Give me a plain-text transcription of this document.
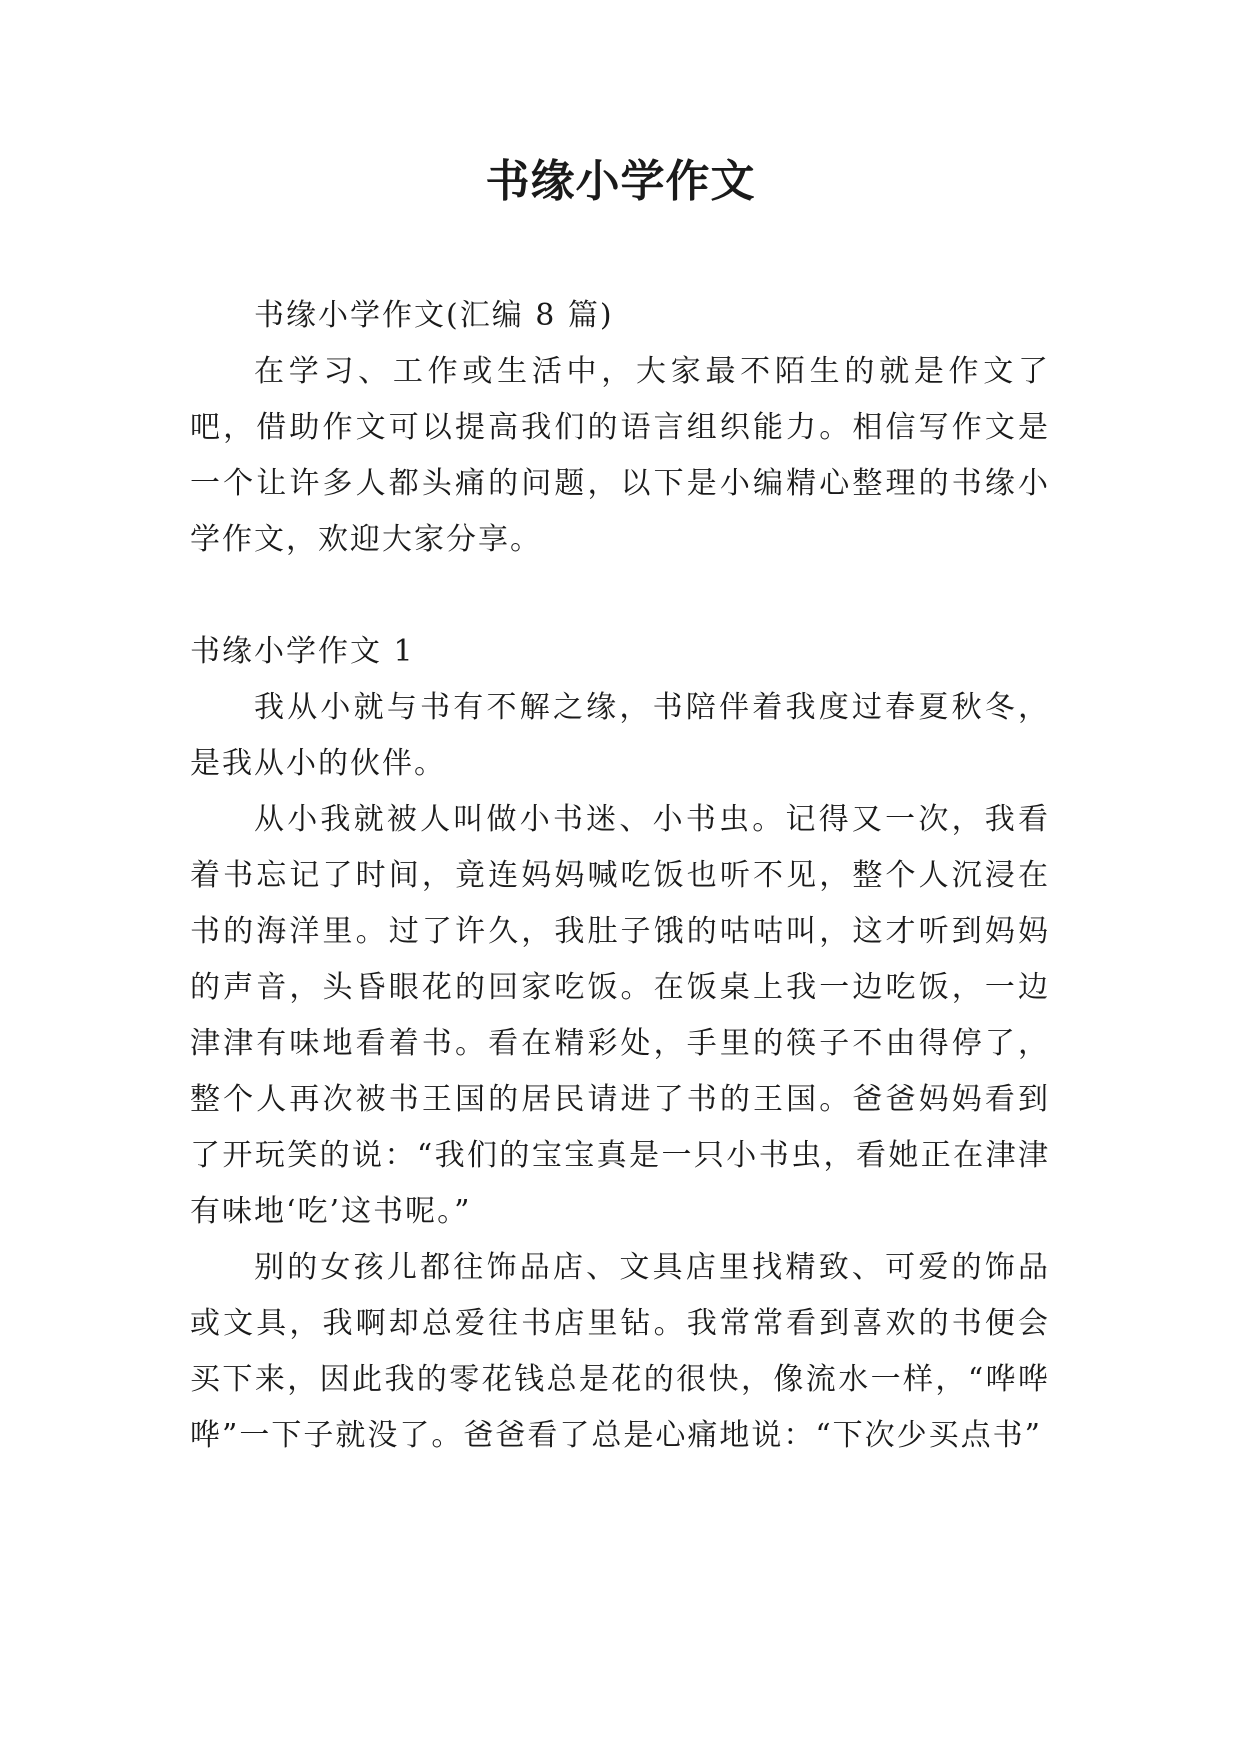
书缘小学作文

书缘小学作文(汇编 8 篇)

在学习、工作或生活中，大家最不陌生的就是作文了吧，借助作文可以提高我们的语言组织能力。相信写作文是一个让许多人都头痛的问题，以下是小编精心整理的书缘小学作文，欢迎大家分享。

书缘小学作文 1

我从小就与书有不解之缘，书陪伴着我度过春夏秋冬，是我从小的伙伴。

从小我就被人叫做小书迷、小书虫。记得又一次，我看着书忘记了时间，竟连妈妈喊吃饭也听不见，整个人沉浸在书的海洋里。过了许久，我肚子饿的咕咕叫，这才听到妈妈的声音，头昏眼花的回家吃饭。在饭桌上我一边吃饭，一边津津有味地看着书。看在精彩处，手里的筷子不由得停了，整个人再次被书王国的居民请进了书的王国。爸爸妈妈看到了开玩笑的说：“我们的宝宝真是一只小书虫，看她正在津津有味地‘吃’这书呢。”

别的女孩儿都往饰品店、文具店里找精致、可爱的饰品或文具，我啊却总爱往书店里钻。我常常看到喜欢的书便会买下来，因此我的零花钱总是花的很快，像流水一样，“哗哗哗”一下子就没了。爸爸看了总是心痛地说：“下次少买点书”
